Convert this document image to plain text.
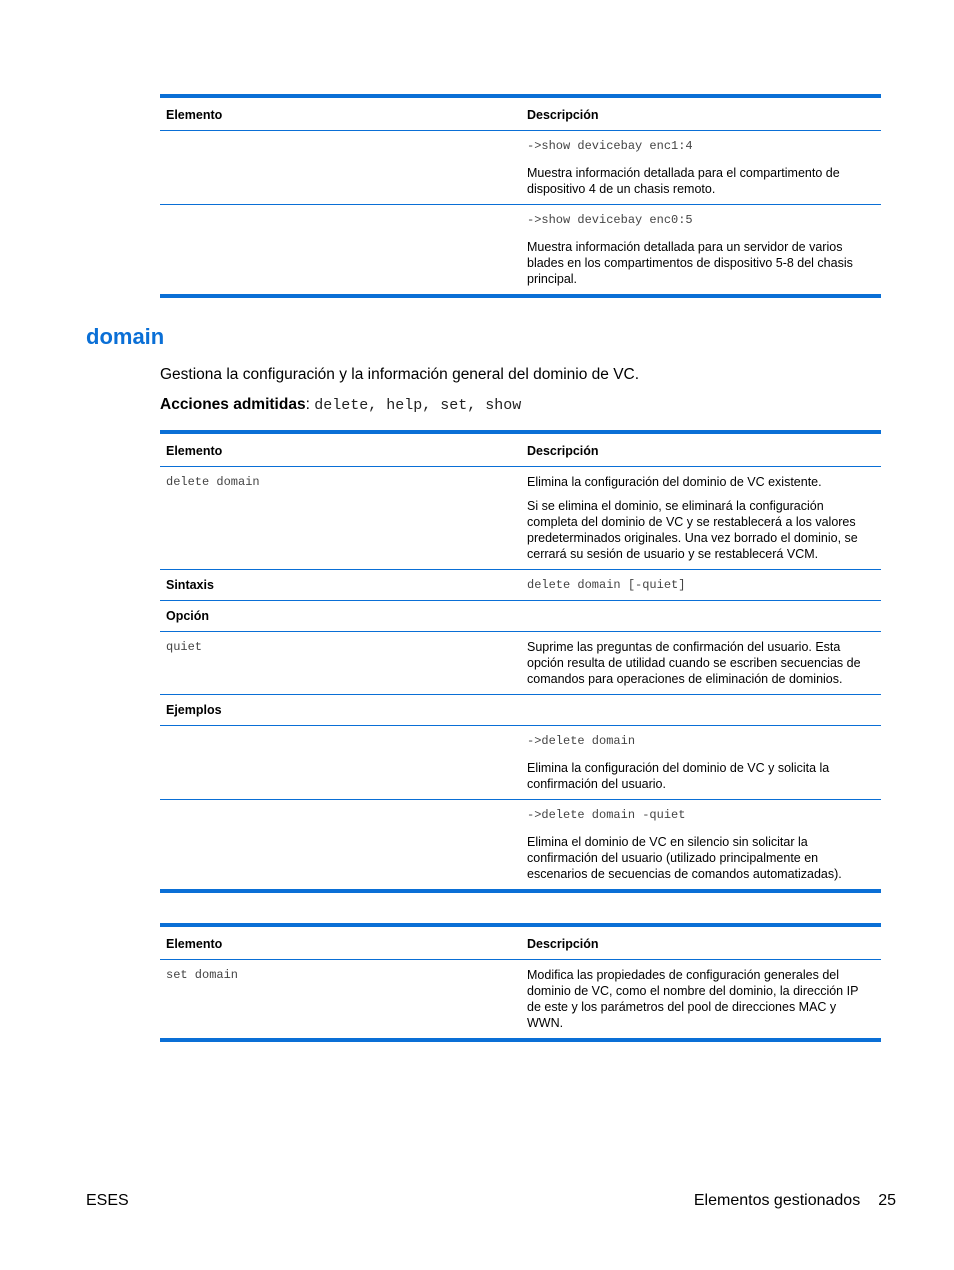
Elemento	Descripción

	->show devicebay enc1:4

Muestra información detallada para el compartimento de dispositivo 4 de un chasis remoto.

	->show devicebay enc0:5

Muestra información detallada para un servidor de varios blades en los compartimentos de dispositivo 5-8 del chasis principal.

domain

Gestiona la configuración y la información general del dominio de VC.

Acciones admitidas: delete, help, set, show

Elemento	Descripción

delete domain	Elimina la configuración del dominio de VC existente.

Si se elimina el dominio, se eliminará la configuración completa del dominio de VC y se restablecerá a los valores predeterminados originales. Una vez borrado el dominio, se cerrará su sesión de usuario y se restablecerá VCM.

Sintaxis	delete domain [-quiet]

Opción	

quiet	Suprime las preguntas de confirmación del usuario. Esta opción resulta de utilidad cuando se escriben secuencias de comandos para operaciones de eliminación de dominios.

Ejemplos	

	->delete domain

Elimina la configuración del dominio de VC y solicita la confirmación del usuario.

	->delete domain -quiet

Elimina el dominio de VC en silencio sin solicitar la confirmación del usuario (utilizado principalmente en escenarios de secuencias de comandos automatizadas).

Elemento	Descripción

set domain	Modifica las propiedades de configuración generales del dominio de VC, como el nombre del dominio, la dirección IP de este y los parámetros del pool de direcciones MAC y WWN.

ESES	Elementos gestionados 25
